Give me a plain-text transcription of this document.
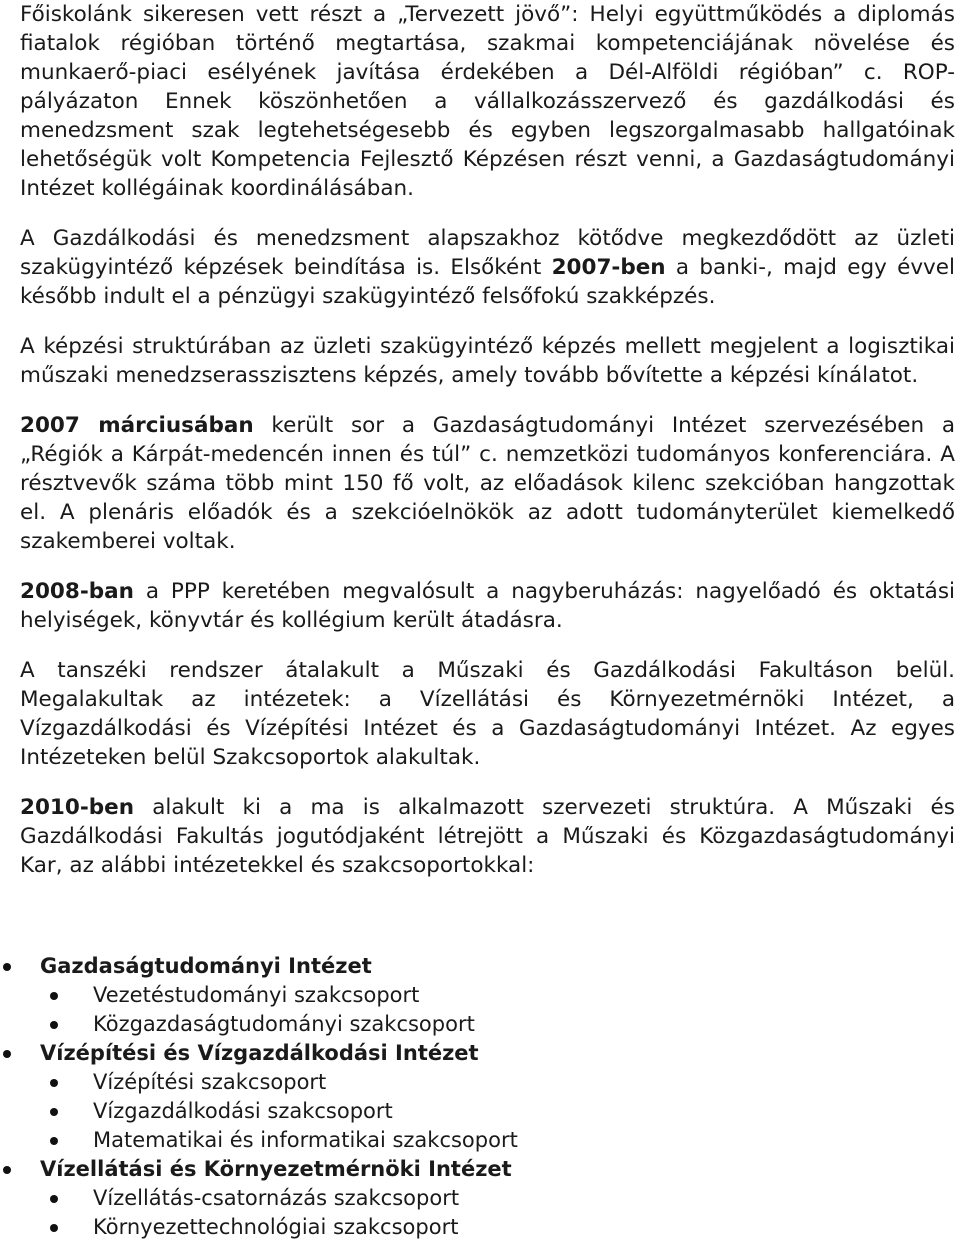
Főiskolánk sikeresen vett részt a „Tervezett jövő”: Helyi együttműködés a diplomás fiatalok régióban történő megtartása, szakmai kompetenciájának növelése és munkaerő-piaci esélyének javítása érdekében a Dél-Alföldi régióban” c. ROP-pályázaton Ennek köszönhetően a vállalkozásszervező és gazdálkodási és menedzsment szak legtehetségesebb és egyben legszorgalmasabb hallgatóinak lehetőségük volt Kompetencia Fejlesztő Képzésen részt venni, a Gazdaságtudományi Intézet kollégáinak koordinálásában.

A Gazdálkodási és menedzsment alapszakhoz kötődve megkezdődött az üzleti szakügyintéző képzések beindítása is. Elsőként 2007-ben a banki-, majd egy évvel később indult el a pénzügyi szakügyintéző felsőfokú szakképzés.

A képzési struktúrában az üzleti szakügyintéző képzés mellett megjelent a logisztikai műszaki menedzserasszisztens képzés, amely tovább bővítette a képzési kínálatot.

2007 márciusában került sor a Gazdaságtudományi Intézet szervezésében a „Régiók a Kárpát-medencén innen és túl” c. nemzetközi tudományos konferenciára. A résztvevők száma több mint 150 fő volt, az előadások kilenc szekcióban hangzottak el. A plenáris előadók és a szekcióelnökök az adott tudományterület kiemelkedő szakemberei voltak.

2008-ban a PPP keretében megvalósult a nagyberuházás: nagyelőadó és oktatási helyiségek, könyvtár és kollégium került átadásra.

A tanszéki rendszer átalakult a Műszaki és Gazdálkodási Fakultáson belül. Megalakultak az intézetek: a Vízellátási és Környezetmérnöki Intézet, a Vízgazdálkodási és Vízépítési Intézet és a Gazdaságtudományi Intézet. Az egyes Intézeteken belül Szakcsoportok alakultak.

2010-ben alakult ki a ma is alkalmazott szervezeti struktúra. A Műszaki és Gazdálkodási Fakultás jogutódjaként létrejött a Műszaki és Közgazdaságtudományi Kar, az alábbi intézetekkel és szakcsoportokkal:

Gazdaságtudományi Intézet
Vezetéstudományi szakcsoport
Közgazdaságtudományi szakcsoport
Vízépítési és Vízgazdálkodási Intézet
Vízépítési szakcsoport
Vízgazdálkodási szakcsoport
Matematikai és informatikai szakcsoport
Vízellátási és Környezetmérnöki Intézet
Vízellátás-csatornázás szakcsoport
Környezettechnológiai szakcsoport
